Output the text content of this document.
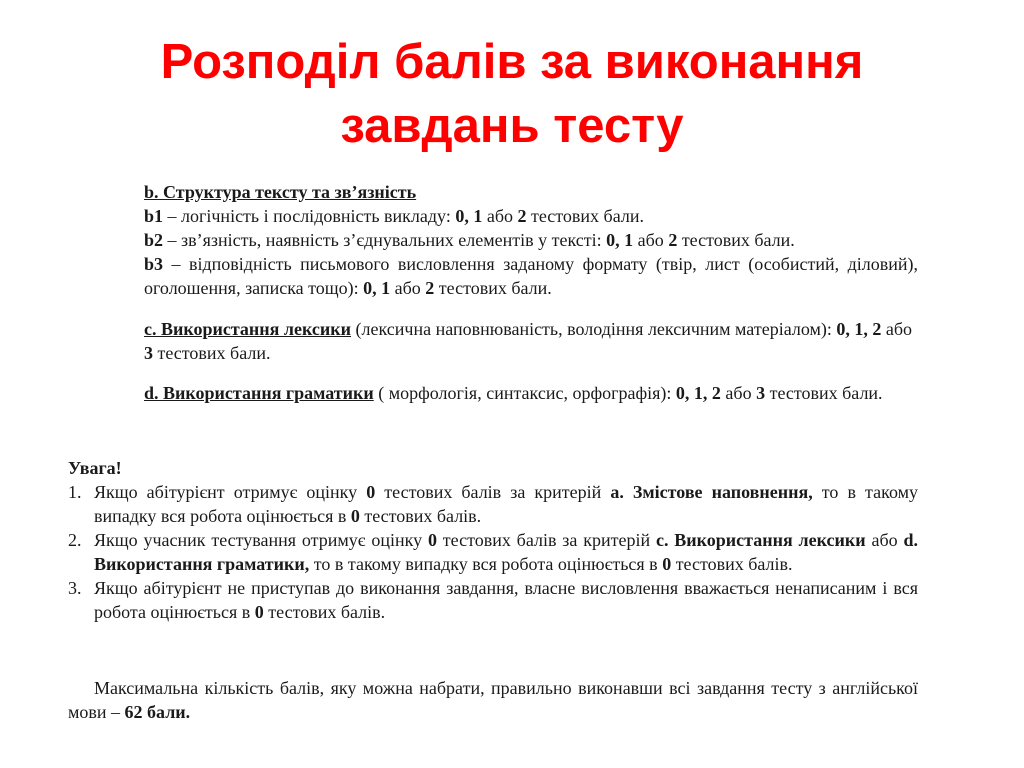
Розподіл балів за виконання
завдань тесту
b. Структура тексту та зв’язність
b1 – логічність і послідовність викладу: 0, 1 або 2 тестових бали.
b2 – зв’язність, наявність з’єднувальних елементів у тексті: 0, 1 або 2 тестових бали.
b3 – відповідність письмового висловлення заданому формату (твір, лист (особистий, діловий), оголошення, записка тощо): 0, 1 або 2 тестових бали.
c. Використання лексики (лексична наповнюваність, володіння лексичним матеріалом): 0, 1, 2 або 3 тестових бали.
d. Використання граматики ( морфологія, синтаксис, орфографія): 0, 1, 2 або 3 тестових бали.
Увага!
1. Якщо абітурієнт отримує оцінку 0 тестових балів за критерій а. Змістове наповнення, то в такому випадку вся робота оцінюється в 0 тестових балів.
2. Якщо учасник тестування отримує оцінку 0 тестових балів за критерій c. Використання лексики або d. Використання граматики, то в такому випадку вся робота оцінюється в 0 тестових балів.
3. Якщо абітурієнт не приступав до виконання завдання, власне висловлення вважається ненаписаним і вся робота оцінюється в 0 тестових балів.
Максимальна кількість балів, яку можна набрати, правильно виконавши всі завдання тесту з англійської мови – 62 бали.
